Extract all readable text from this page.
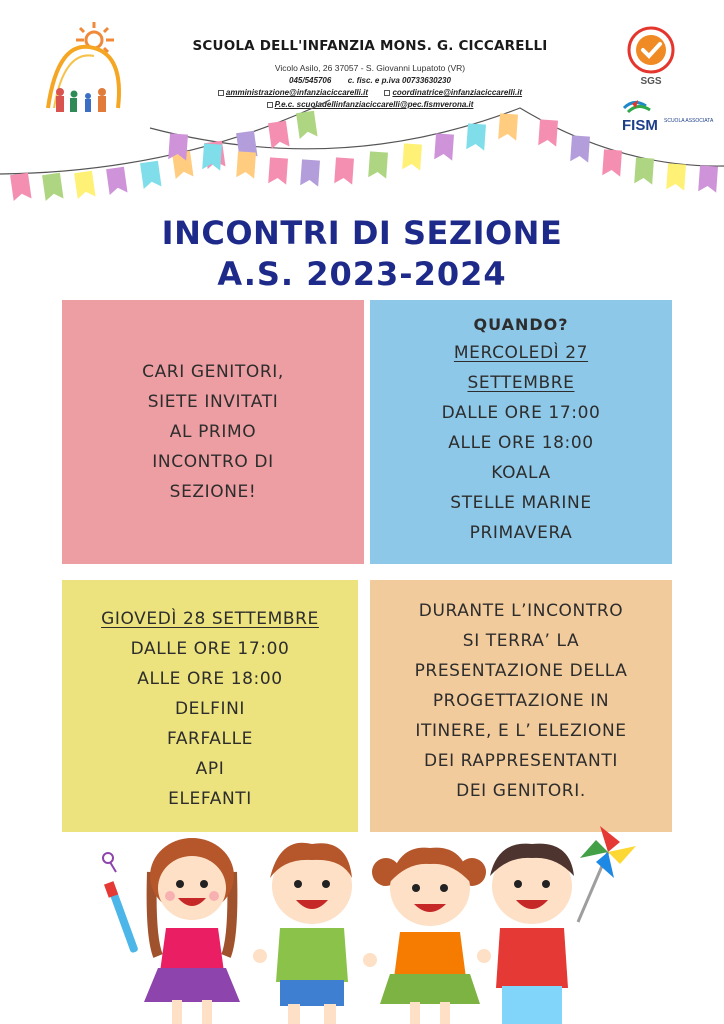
SCUOLA DELL'INFANZIA MONS. G. CICCARELLI
Vicolo Asilo, 26 37057 - S. Giovanni Lupatoto (VR)
045/545706 c. fisc. e p.iva 00733630230
amministrazione@infanziaciccarelli.it	coordinatrice@infanziaciccarelli.it
P.e.c. scuoladellinfanziaciccarelli@pec.fismverona.it
SGS
FISM SCUOLA ASSOCIATA
INCONTRI DI SEZIONE
A.S. 2023-2024
CARI GENITORI,
SIETE INVITATI
AL PRIMO
INCONTRO DI
SEZIONE!
QUANDO?
MERCOLEDÌ 27
SETTEMBRE
DALLE ORE 17:00
ALLE ORE 18:00
KOALA
STELLE MARINE
PRIMAVERA
GIOVEDÌ 28 SETTEMBRE
DALLE ORE 17:00
ALLE ORE 18:00
DELFINI
FARFALLE
API
ELEFANTI
DURANTE L’INCONTRO
SI TERRA’ LA
PRESENTAZIONE DELLA
PROGETTAZIONE IN
ITINERE, E L’ ELEZIONE
DEI RAPPRESENTANTI
DEI GENITORI.
